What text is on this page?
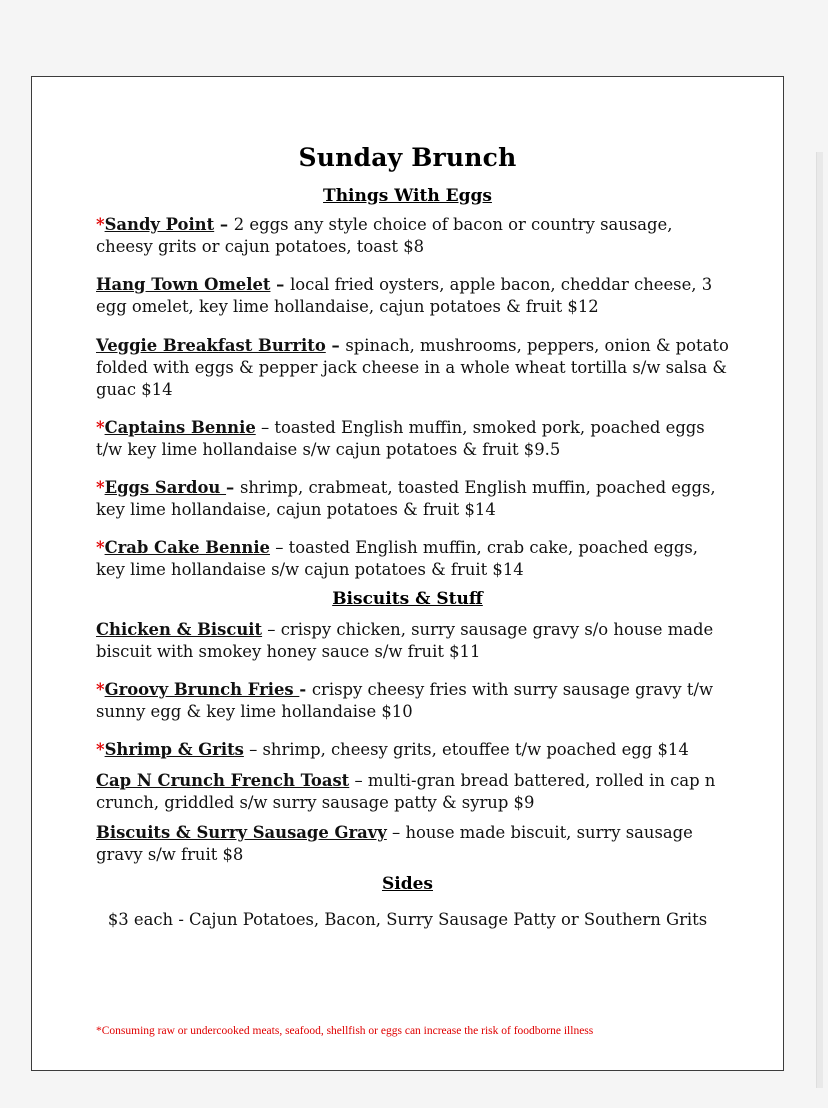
Sunday Brunch
Things With Eggs
*Sandy Point – 2 eggs any style choice of bacon or country sausage, cheesy grits or cajun potatoes, toast $8
Hang Town Omelet – local fried oysters, apple bacon, cheddar cheese, 3 egg omelet, key lime hollandaise, cajun potatoes & fruit $12
Veggie Breakfast Burrito – spinach, mushrooms, peppers, onion & potato folded with eggs & pepper jack cheese in a whole wheat tortilla s/w salsa & guac $14
*Captains Bennie – toasted English muffin, smoked pork, poached eggs t/w key lime hollandaise s/w cajun potatoes & fruit $9.5
*Eggs Sardou – shrimp, crabmeat, toasted English muffin, poached eggs, key lime hollandaise, cajun potatoes & fruit $14
*Crab Cake Bennie – toasted English muffin, crab cake, poached eggs, key lime hollandaise s/w cajun potatoes & fruit $14
Biscuits & Stuff
Chicken & Biscuit – crispy chicken, surry sausage gravy s/o house made biscuit with smokey honey sauce s/w fruit $11
*Groovy Brunch Fries - crispy cheesy fries with surry sausage gravy t/w sunny egg & key lime hollandaise $10
*Shrimp & Grits – shrimp, cheesy grits, etouffee t/w poached egg $14
Cap N Crunch French Toast – multi-gran bread battered, rolled in cap n crunch, griddled s/w surry sausage patty & syrup $9
Biscuits & Surry Sausage Gravy – house made biscuit, surry sausage gravy s/w fruit $8
Sides
$3 each - Cajun Potatoes, Bacon, Surry Sausage Patty or Southern Grits
*Consuming raw or undercooked meats, seafood, shellfish or eggs can increase the risk of foodborne illness
